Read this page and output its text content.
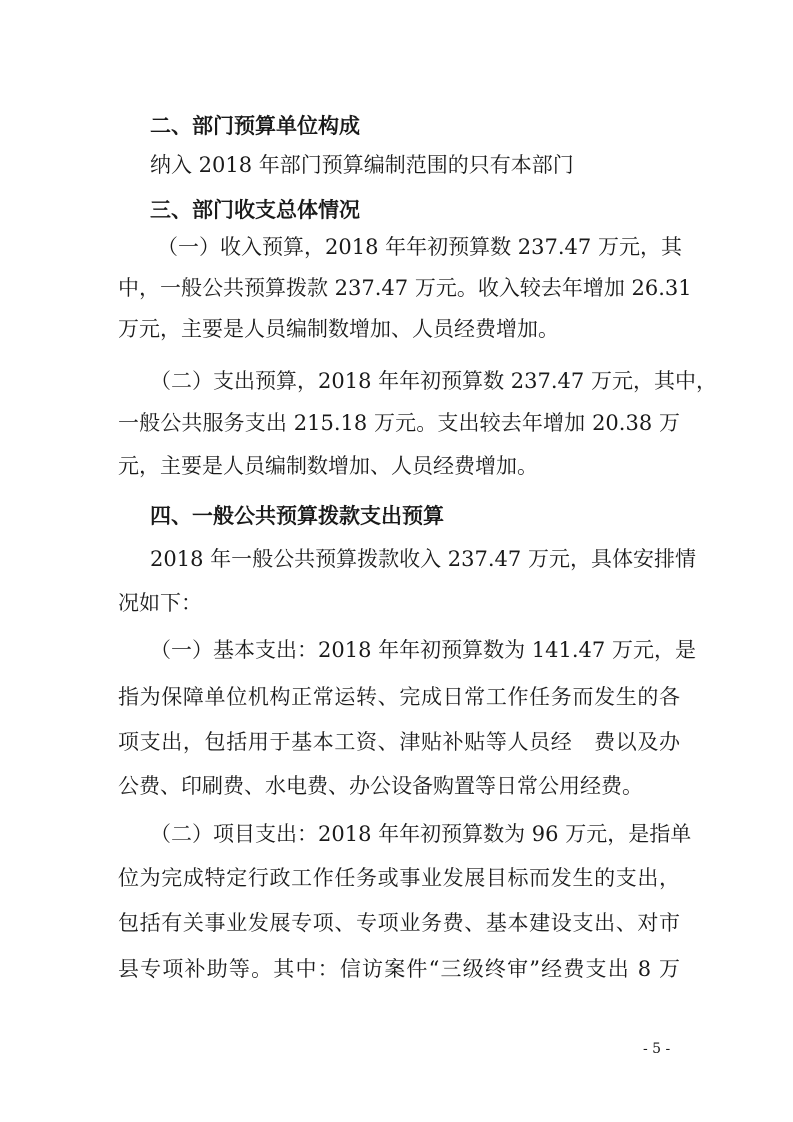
二、部门预算单位构成
纳入 2018 年部门预算编制范围的只有本部门
三、部门收支总体情况
（一）收入预算，2018 年年初预算数 237.47 万元，其
中，一般公共预算拨款 237.47 万元。收入较去年增加 26.31
万元，主要是人员编制数增加、人员经费增加。
（二）支出预算，2018 年年初预算数 237.47 万元，其中，
一般公共服务支出 215.18 万元。支出较去年增加 20.38 万
元，主要是人员编制数增加、人员经费增加。
四、一般公共预算拨款支出预算
2018 年一般公共预算拨款收入 237.47 万元，具体安排情
况如下：
（一）基本支出：2018 年年初预算数为 141.47 万元，是
指为保障单位机构正常运转、完成日常工作任务而发生的各
项支出，包括用于基本工资、津贴补贴等人员经　费以及办
公费、印刷费、水电费、办公设备购置等日常公用经费。
（二）项目支出：2018 年年初预算数为 96 万元，是指单
位为完成特定行政工作任务或事业发展目标而发生的支出，
包括有关事业发展专项、专项业务费、基本建设支出、对市
县专项补助等。其中：信访案件“三级终审”经费支出 8 万
- 5 -
